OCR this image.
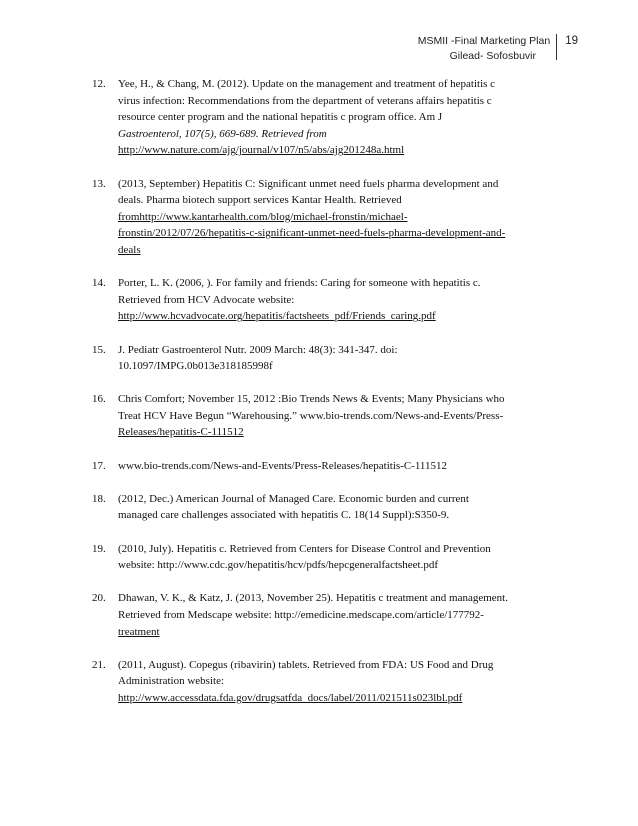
MSMII -Final Marketing Plan	19
Gilead- Sofosbuvir
12. Yee, H., & Chang, M. (2012). Update on the management and treatment of hepatitis c
virus infection: Recommendations from the department of veterans affairs hepatitis c
resource center program and the national hepatitis c program office. Am J
Gastroenterol, 107(5), 669-689. Retrieved from
http://www.nature.com/ajg/journal/v107/n5/abs/ajg201248a.html
13. (2013, September) Hepatitis C: Significant unmet need fuels pharma development and
deals. Pharma biotech support services Kantar Health. Retrieved
fromhttp://www.kantarhealth.com/blog/michael-fronstin/michael-
fronstin/2012/07/26/hepatitis-c-significant-unmet-need-fuels-pharma-development-and-
deals
14. Porter, L. K. (2006, ). For family and friends: Caring for someone with hepatitis c.
Retrieved from HCV Advocate website:
http://www.hcvadvocate.org/hepatitis/factsheets_pdf/Friends_caring.pdf
15. J. Pediatr Gastroenterol Nutr. 2009 March: 48(3): 341-347. doi:
10.1097/IMPG.0b013e318185998f
16. Chris Comfort; November 15, 2012 :Bio Trends News & Events; Many Physicians who
Treat HCV Have Begun “Warehousing.” www.bio-trends.com/News-and-Events/Press-
Releases/hepatitis-C-111512
17. www.bio-trends.com/News-and-Events/Press-Releases/hepatitis-C-111512
18. (2012, Dec.) American Journal of Managed Care. Economic burden and current
managed care challenges associated with hepatitis C. 18(14 Suppl):S350-9.
19. (2010, July). Hepatitis c. Retrieved from Centers for Disease Control and Prevention
website: http://www.cdc.gov/hepatitis/hcv/pdfs/hepcgeneralfactsheet.pdf
20. Dhawan, V. K., & Katz, J. (2013, November 25). Hepatitis c treatment and management.
Retrieved from Medscape website: http://emedicine.medscape.com/article/177792-
treatment
21. (2011, August). Copegus (ribavirin) tablets. Retrieved from FDA: US Food and Drug
Administration website:
http://www.accessdata.fda.gov/drugsatfda_docs/label/2011/021511s023lbl.pdf
